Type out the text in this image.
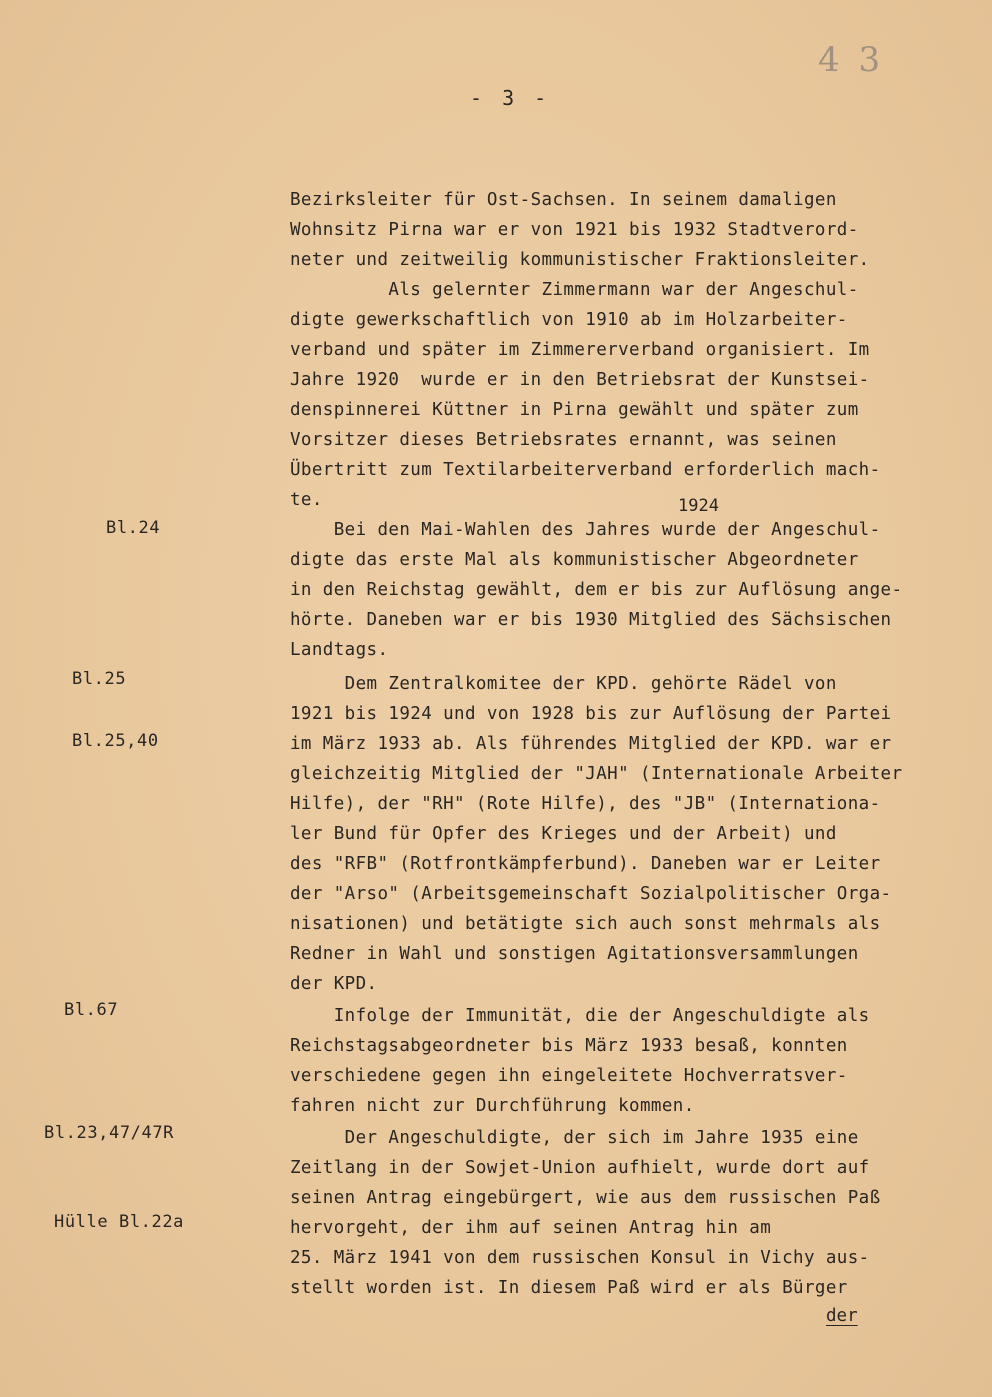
4 3
- 3 -
Bezirksleiter für Ost-Sachsen. In seinem damaligen
Wohnsitz Pirna war er von 1921 bis 1932 Stadtverord-
neter und zeitweilig kommunistischer Fraktionsleiter.
Als gelernter Zimmermann war der Angeschul-
digte gewerkschaftlich von 1910 ab im Holzarbeiter-
verband und später im Zimmererverband organisiert. Im
Jahre 1920  wurde er in den Betriebsrat der Kunstsei-
denspinnerei Küttner in Pirna gewählt und später zum
Vorsitzer dieses Betriebsrates ernannt, was seinen
Übertritt zum Textilarbeiterverband erforderlich mach-
te.	1924
Bei den Mai-Wahlen des Jahres wurde der Angeschul-
digte das erste Mal als kommunistischer Abgeordneter
in den Reichstag gewählt, dem er bis zur Auflösung ange-
hörte. Daneben war er bis 1930 Mitglied des Sächsischen
Landtags.
Dem Zentralkomitee der KPD. gehörte Rädel von
1921 bis 1924 und von 1928 bis zur Auflösung der Partei
im März 1933 ab. Als führendes Mitglied der KPD. war er
gleichzeitig Mitglied der "JAH" (Internationale Arbeiter
Hilfe), der "RH" (Rote Hilfe), des "JB" (Internationa-
ler Bund für Opfer des Krieges und der Arbeit) und
des "RFB" (Rotfrontkämpferbund). Daneben war er Leiter
der "Arso" (Arbeitsgemeinschaft Sozialpolitischer Orga-
nisationen) und betätigte sich auch sonst mehrmals als
Redner in Wahl und sonstigen Agitationsversammlungen
der KPD.
Infolge der Immunität, die der Angeschuldigte als
Reichstagsabgeordneter bis März 1933 besaß, konnten
verschiedene gegen ihn eingeleitete Hochverratsver-
fahren nicht zur Durchführung kommen.
Der Angeschuldigte, der sich im Jahre 1935 eine
Zeitlang in der Sowjet-Union aufhielt, wurde dort auf
seinen Antrag eingebürgert, wie aus dem russischen Paß
hervorgeht, der ihm auf seinen Antrag hin am
25. März 1941 von dem russischen Konsul in Vichy aus-
stellt worden ist. In diesem Paß wird er als Bürger
der
Bl.24
Bl.25
Bl.25,40
Bl.67
Bl.23,47/47R
Hülle Bl.22a
